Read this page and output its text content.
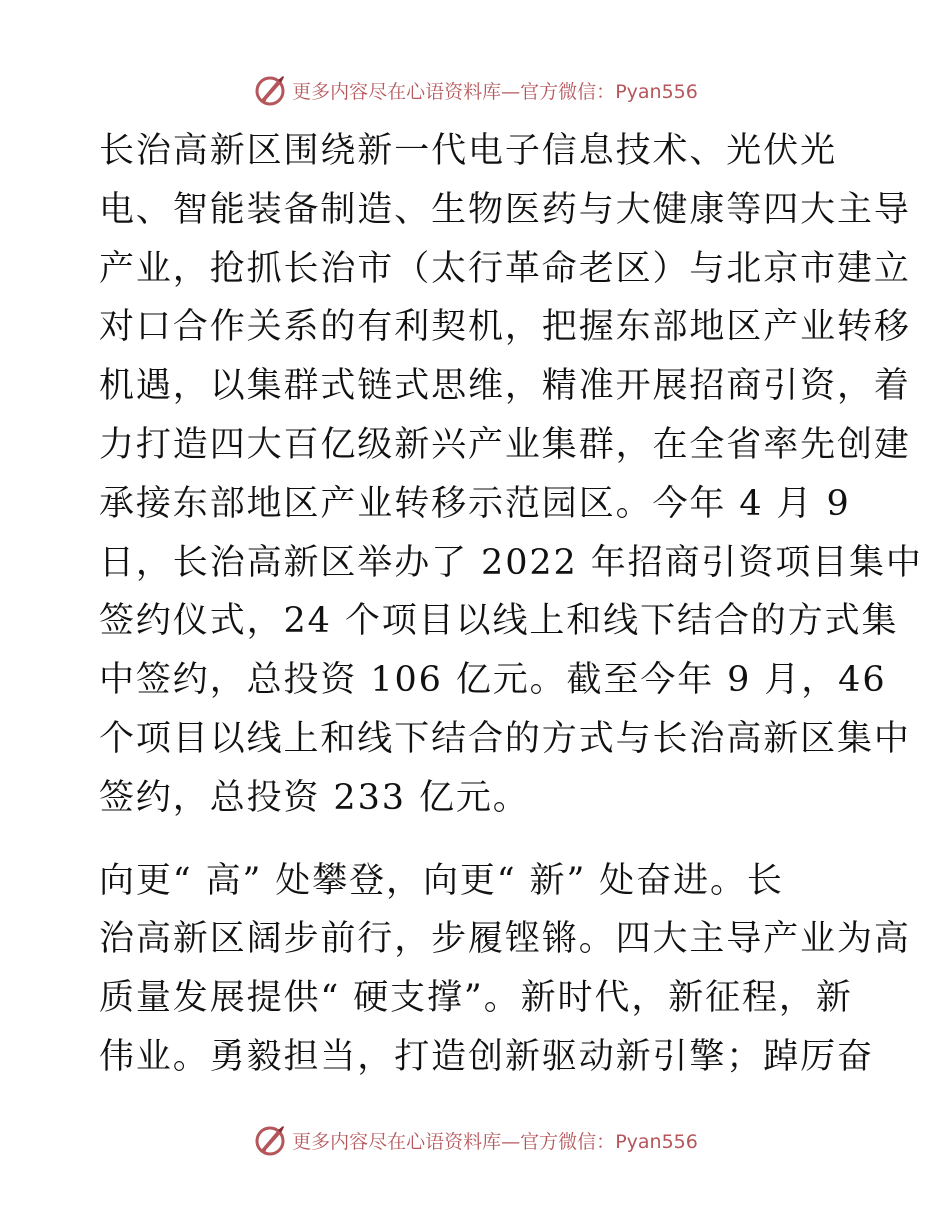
更多内容尽在心语资料库—官方微信：Pyan556
长治高新区围绕新一代电子信息技术、光伏光
电、智能装备制造、生物医药与大健康等四大主导
产业，抢抓长治市（太行革命老区）与北京市建立
对口合作关系的有利契机，把握东部地区产业转移
机遇，以集群式链式思维，精准开展招商引资，着
力打造四大百亿级新兴产业集群，在全省率先创建
承接东部地区产业转移示范园区。今年 4 月 9
日，长治高新区举办了 2022 年招商引资项目集中
签约仪式，24 个项目以线上和线下结合的方式集
中签约，总投资 106 亿元。截至今年 9 月，46
个项目以线上和线下结合的方式与长治高新区集中
签约，总投资 233 亿元。
向更“ 高” 处攀登，向更“ 新” 处奋进。长
治高新区阔步前行，步履铿锵。四大主导产业为高
质量发展提供“ 硬支撑”。新时代，新征程，新
伟业。勇毅担当，打造创新驱动新引擎；踔厉奋
更多内容尽在心语资料库—官方微信：Pyan556
